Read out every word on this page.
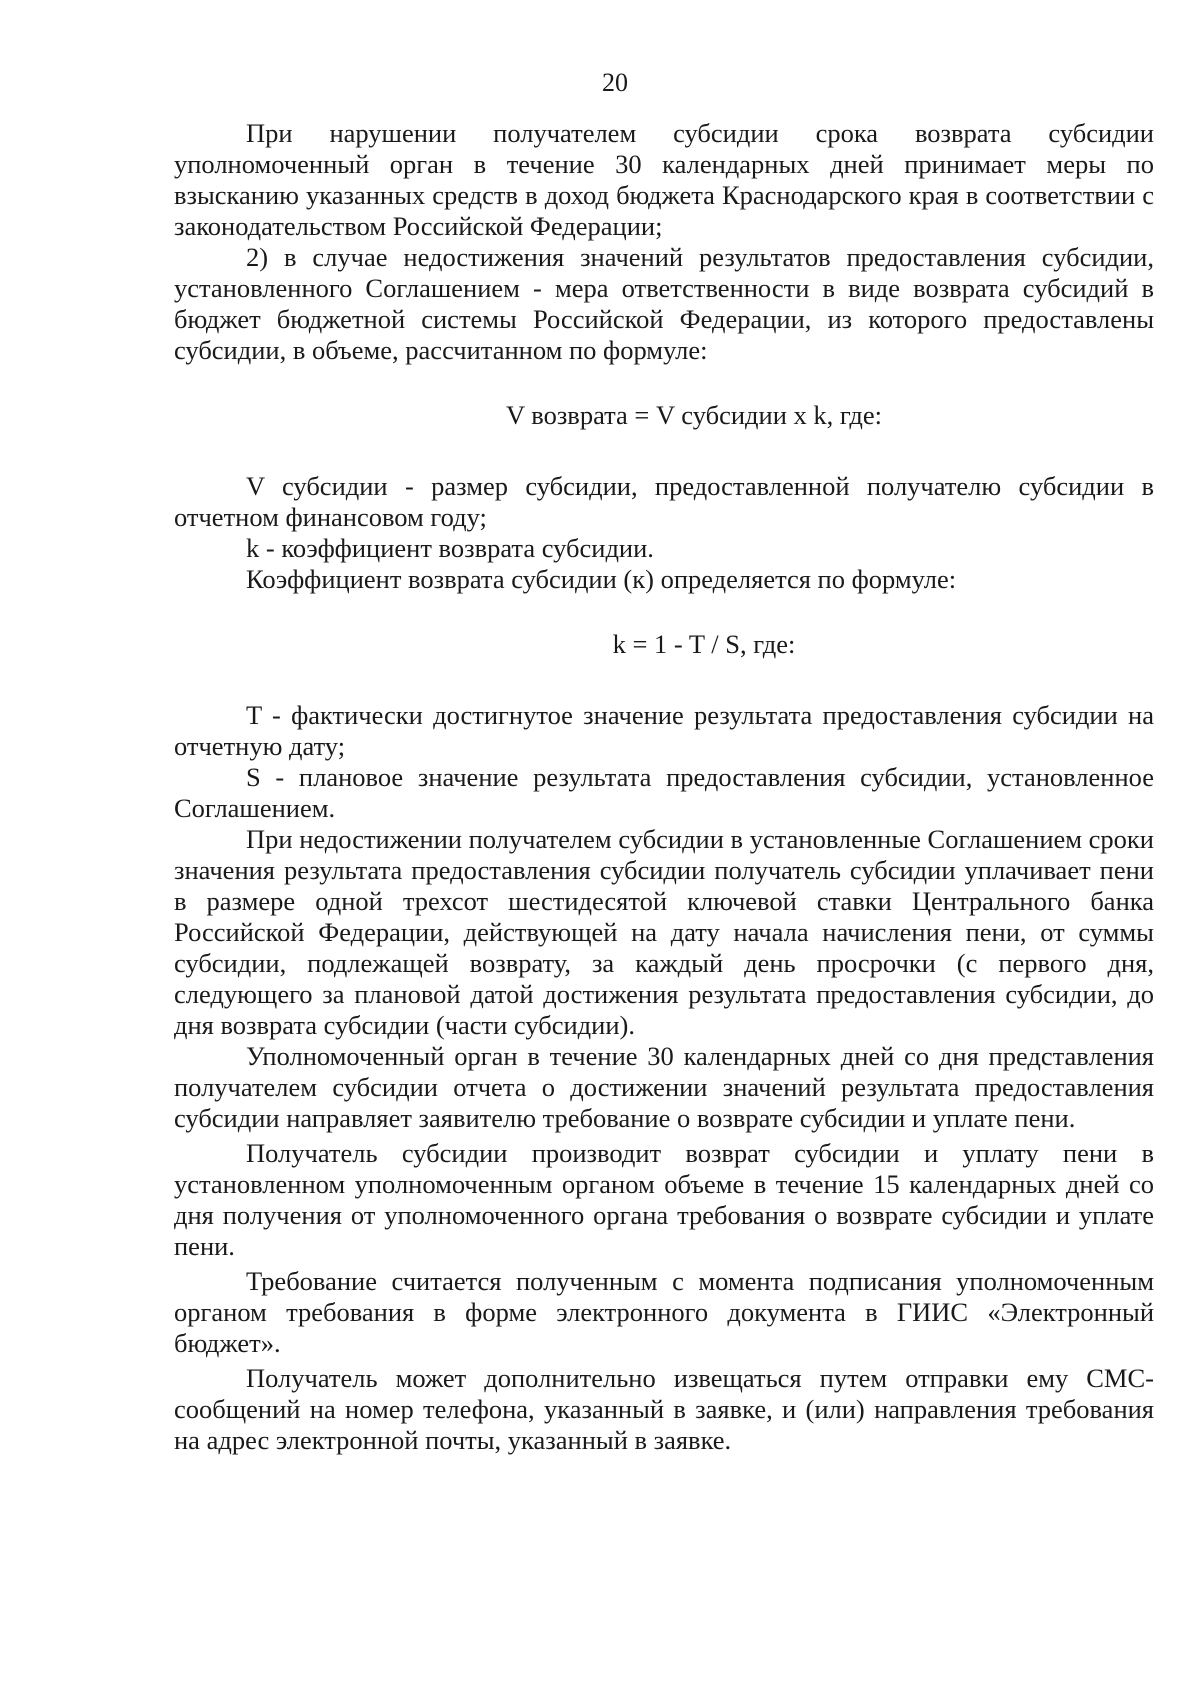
20

При нарушении получателем субсидии срока возврата субсидии уполномоченный орган в течение 30 календарных дней принимает меры по взысканию указанных средств в доход бюджета Краснодарского края в соответствии с законодательством Российской Федерации;

2) в случае недостижения значений результатов предоставления субсидии, установленного Соглашением - мера ответственности в виде возврата субсидий в бюджет бюджетной системы Российской Федерации, из которого предоставлены субсидии, в объеме, рассчитанном по формуле:

V возврата = V субсидии x k, где:

V субсидии - размер субсидии, предоставленной получателю субсидии в отчетном финансовом году;

k - коэффициент возврата субсидии.

Коэффициент возврата субсидии (к) определяется по формуле:

k = 1 - T / S, где:

T - фактически достигнутое значение результата предоставления субсидии на отчетную дату;

S - плановое значение результата предоставления субсидии, установленное Соглашением.

При недостижении получателем субсидии в установленные Соглашением сроки значения результата предоставления субсидии получатель субсидии уплачивает пени в размере одной трехсот шестидесятой ключевой ставки Центрального банка Российской Федерации, действующей на дату начала начисления пени, от суммы субсидии, подлежащей возврату, за каждый день просрочки (с первого дня, следующего за плановой датой достижения результата предоставления субсидии, до дня возврата субсидии (части субсидии).

Уполномоченный орган в течение 30 календарных дней со дня представления получателем субсидии отчета о достижении значений результата предоставления субсидии направляет заявителю требование о возврате субсидии и уплате пени.

Получатель субсидии производит возврат субсидии и уплату пени в установленном уполномоченным органом объеме в течение 15 календарных дней со дня получения от уполномоченного органа требования о возврате субсидии и уплате пени.

Требование считается полученным с момента подписания уполномоченным органом требования в форме электронного документа в ГИИС «Электронный бюджет».

Получатель может дополнительно извещаться путем отправки ему СМС-сообщений на номер телефона, указанный в заявке, и (или) направления требования на адрес электронной почты, указанный в заявке.
